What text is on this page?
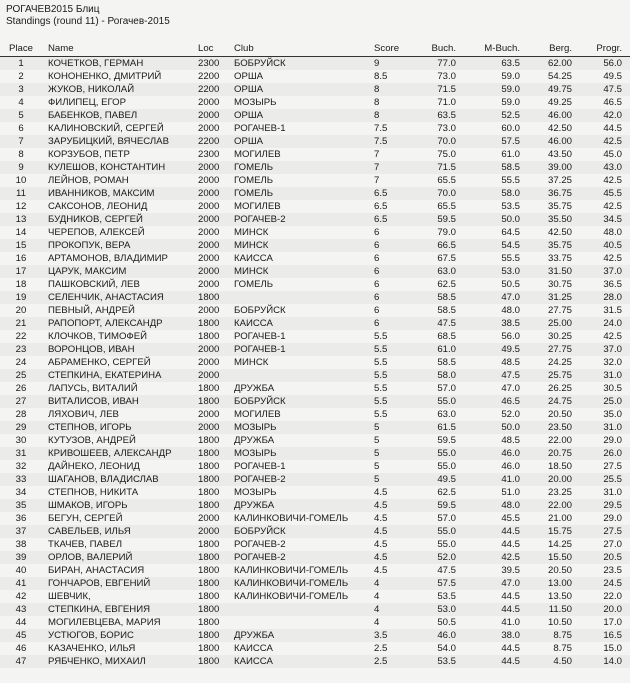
РОГАЧЕВ2015 Блиц
Standings (round 11) - Рогачев-2015
Place	Name	Loc	Club	Score	Buch.	M-Buch.	Berg.	Progr.
1	КОЧЕТКОВ, ГЕРМАН	2300	БОБРУЙСК	9	77.0	63.5	62.00	56.0
2	КОНОНЕНКО, ДМИТРИЙ	2200	ОРША	8.5	73.0	59.0	54.25	49.5
3	ЖУКОВ, НИКОЛАЙ	2200	ОРША	8	71.5	59.0	49.75	47.5
4	ФИЛИПЕЦ, ЕГОР	2000	МОЗЫРЬ	8	71.0	59.0	49.25	46.5
5	БАБЕНКОВ, ПАВЕЛ	2000	ОРША	8	63.5	52.5	46.00	42.0
6	КАЛИНОВСКИЙ, СЕРГЕЙ	2000	РОГАЧЕВ-1	7.5	73.0	60.0	42.50	44.5
7	ЗАРУБИЦКИЙ, ВЯЧЕСЛАВ	2200	ОРША	7.5	70.0	57.5	46.00	42.5
8	КОРЗУБОВ, ПЕТР	2300	МОГИЛЕВ	7	75.0	61.0	43.50	45.0
9	КУЛЕШОВ, КОНСТАНТИН	2000	ГОМЕЛЬ	7	71.5	58.5	39.00	43.0
10	ЛЕЙНОВ, РОМАН	2000	ГОМЕЛЬ	7	65.5	55.5	37.25	42.5
11	ИВАННИКОВ, МАКСИМ	2000	ГОМЕЛЬ	6.5	70.0	58.0	36.75	45.5
12	САКСОНОВ, ЛЕОНИД	2000	МОГИЛЕВ	6.5	65.5	53.5	35.75	42.5
13	БУДНИКОВ, СЕРГЕЙ	2000	РОГАЧЕВ-2	6.5	59.5	50.0	35.50	34.5
14	ЧЕРЕПОВ, АЛЕКСЕЙ	2000	МИНСК	6	79.0	64.5	42.50	48.0
15	ПРОКОПУК, ВЕРА	2000	МИНСК	6	66.5	54.5	35.75	40.5
16	АРТАМОНОВ, ВЛАДИМИР	2000	КАИССА	6	67.5	55.5	33.75	42.5
17	ЦАРУК, МАКСИМ	2000	МИНСК	6	63.0	53.0	31.50	37.0
18	ПАШКОВСКИЙ, ЛЕВ	2000	ГОМЕЛЬ	6	62.5	50.5	30.75	36.5
19	СЕЛЕНЧИК, АНАСТАСИЯ	1800		6	58.5	47.0	31.25	28.0
20	ПЕВНЫЙ, АНДРЕЙ	2000	БОБРУЙСК	6	58.5	48.0	27.75	31.5
21	РАПОПОРТ, АЛЕКСАНДР	1800	КАИССА	6	47.5	38.5	25.00	24.0
22	КЛОЧКОВ, ТИМОФЕЙ	1800	РОГАЧЕВ-1	5.5	68.5	56.0	30.25	42.5
23	ВОРОНЦОВ, ИВАН	2000	РОГАЧЕВ-1	5.5	61.0	49.5	27.75	37.0
24	АБРАМЕНКО, СЕРГЕЙ	2000	МИНСК	5.5	58.5	48.5	24.25	32.0
25	СТЕПКИНА, ЕКАТЕРИНА	2000		5.5	58.0	47.5	25.75	31.0
26	ЛАПУСЬ, ВИТАЛИЙ	1800	ДРУЖБА	5.5	57.0	47.0	26.25	30.5
27	ВИТАЛИСОВ, ИВАН	1800	БОБРУЙСК	5.5	55.0	46.5	24.75	25.0
28	ЛЯХОВИЧ, ЛЕВ	2000	МОГИЛЕВ	5.5	63.0	52.0	20.50	35.0
29	СТЕПНОВ, ИГОРЬ	2000	МОЗЫРЬ	5	61.5	50.0	23.50	31.0
30	КУТУЗОВ, АНДРЕЙ	1800	ДРУЖБА	5	59.5	48.5	22.00	29.0
31	КРИВОШЕЕВ, АЛЕКСАНДР	1800	МОЗЫРЬ	5	55.0	46.0	20.75	26.0
32	ДАЙНЕКО, ЛЕОНИД	1800	РОГАЧЕВ-1	5	55.0	46.0	18.50	27.5
33	ШАГАНОВ, ВЛАДИСЛАВ	1800	РОГАЧЕВ-2	5	49.5	41.0	20.00	25.5
34	СТЕПНОВ, НИКИТА	1800	МОЗЫРЬ	4.5	62.5	51.0	23.25	31.0
35	ШМАКОВ, ИГОРЬ	1800	ДРУЖБА	4.5	59.5	48.0	22.00	29.5
36	БЕГУН, СЕРГЕЙ	2000	КАЛИНКОВИЧИ-ГОМЕЛЬ	4.5	57.0	45.5	21.00	29.0
37	САВЕЛЬЕВ, ИЛЬЯ	2000	БОБРУЙСК	4.5	55.0	44.5	15.75	27.5
38	ТКАЧЕВ, ПАВЕЛ	1800	РОГАЧЕВ-2	4.5	55.0	44.5	14.25	27.0
39	ОРЛОВ, ВАЛЕРИЙ	1800	РОГАЧЕВ-2	4.5	52.0	42.5	15.50	20.5
40	БИРАН, АНАСТАСИЯ	1800	КАЛИНКОВИЧИ-ГОМЕЛЬ	4.5	47.5	39.5	20.50	23.5
41	ГОНЧАРОВ, ЕВГЕНИЙ	1800	КАЛИНКОВИЧИ-ГОМЕЛЬ	4	57.5	47.0	13.00	24.5
42	ШЕВЧИК,	1800	КАЛИНКОВИЧИ-ГОМЕЛЬ	4	53.5	44.5	13.50	22.0
43	СТЕПКИНА, ЕВГЕНИЯ	1800		4	53.0	44.5	11.50	20.0
44	МОГИЛЕВЦЕВА, МАРИЯ	1800		4	50.5	41.0	10.50	17.0
45	УСТЮГОВ, БОРИС	1800	ДРУЖБА	3.5	46.0	38.0	8.75	16.5
46	КАЗАЧЕНКО, ИЛЬЯ	1800	КАИССА	2.5	54.0	44.5	8.75	15.0
47	РЯБЧЕНКО, МИХАИЛ	1800	КАИССА	2.5	53.5	44.5	4.50	14.0
